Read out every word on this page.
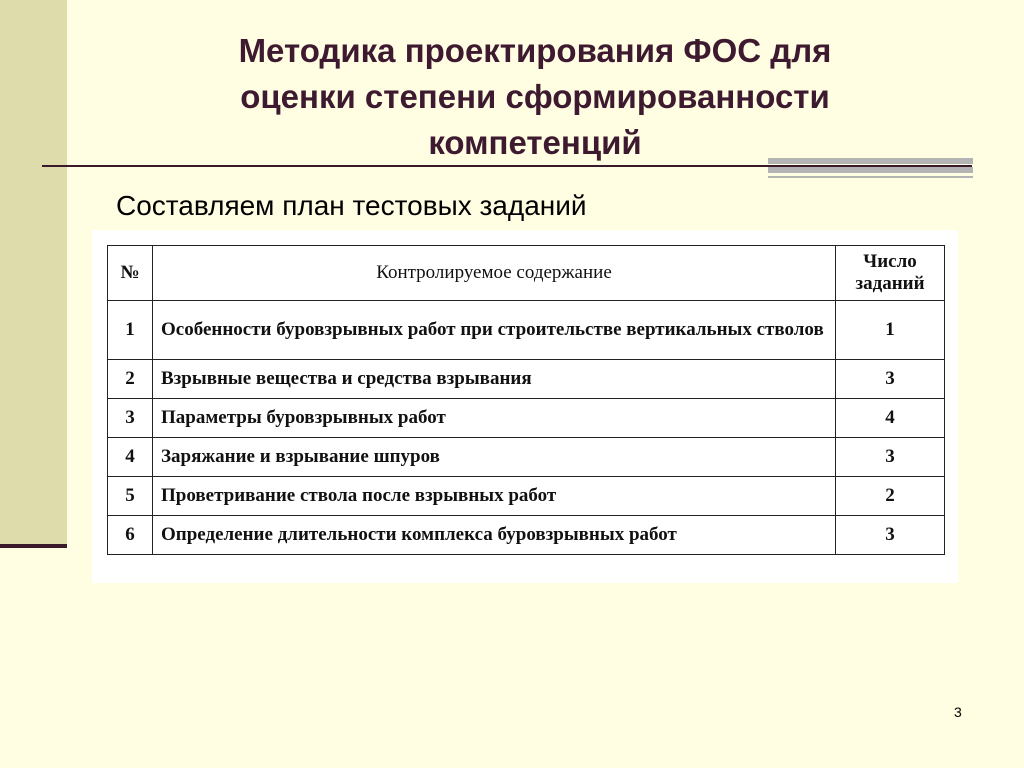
Методика проектирования ФОС для
оценки степени сформированности
компетенций
Составляем план тестовых заданий
№	Контролируемое содержание	Число
заданий
1	Особенности буровзрывных работ при строительстве вертикальных стволов	1
2	Взрывные вещества и средства взрывания	3
3	Параметры буровзрывных работ	4
4	Заряжание и взрывание шпуров	3
5	Проветривание ствола после взрывных работ	2
6	Определение длительности комплекса буровзрывных работ	3
3
